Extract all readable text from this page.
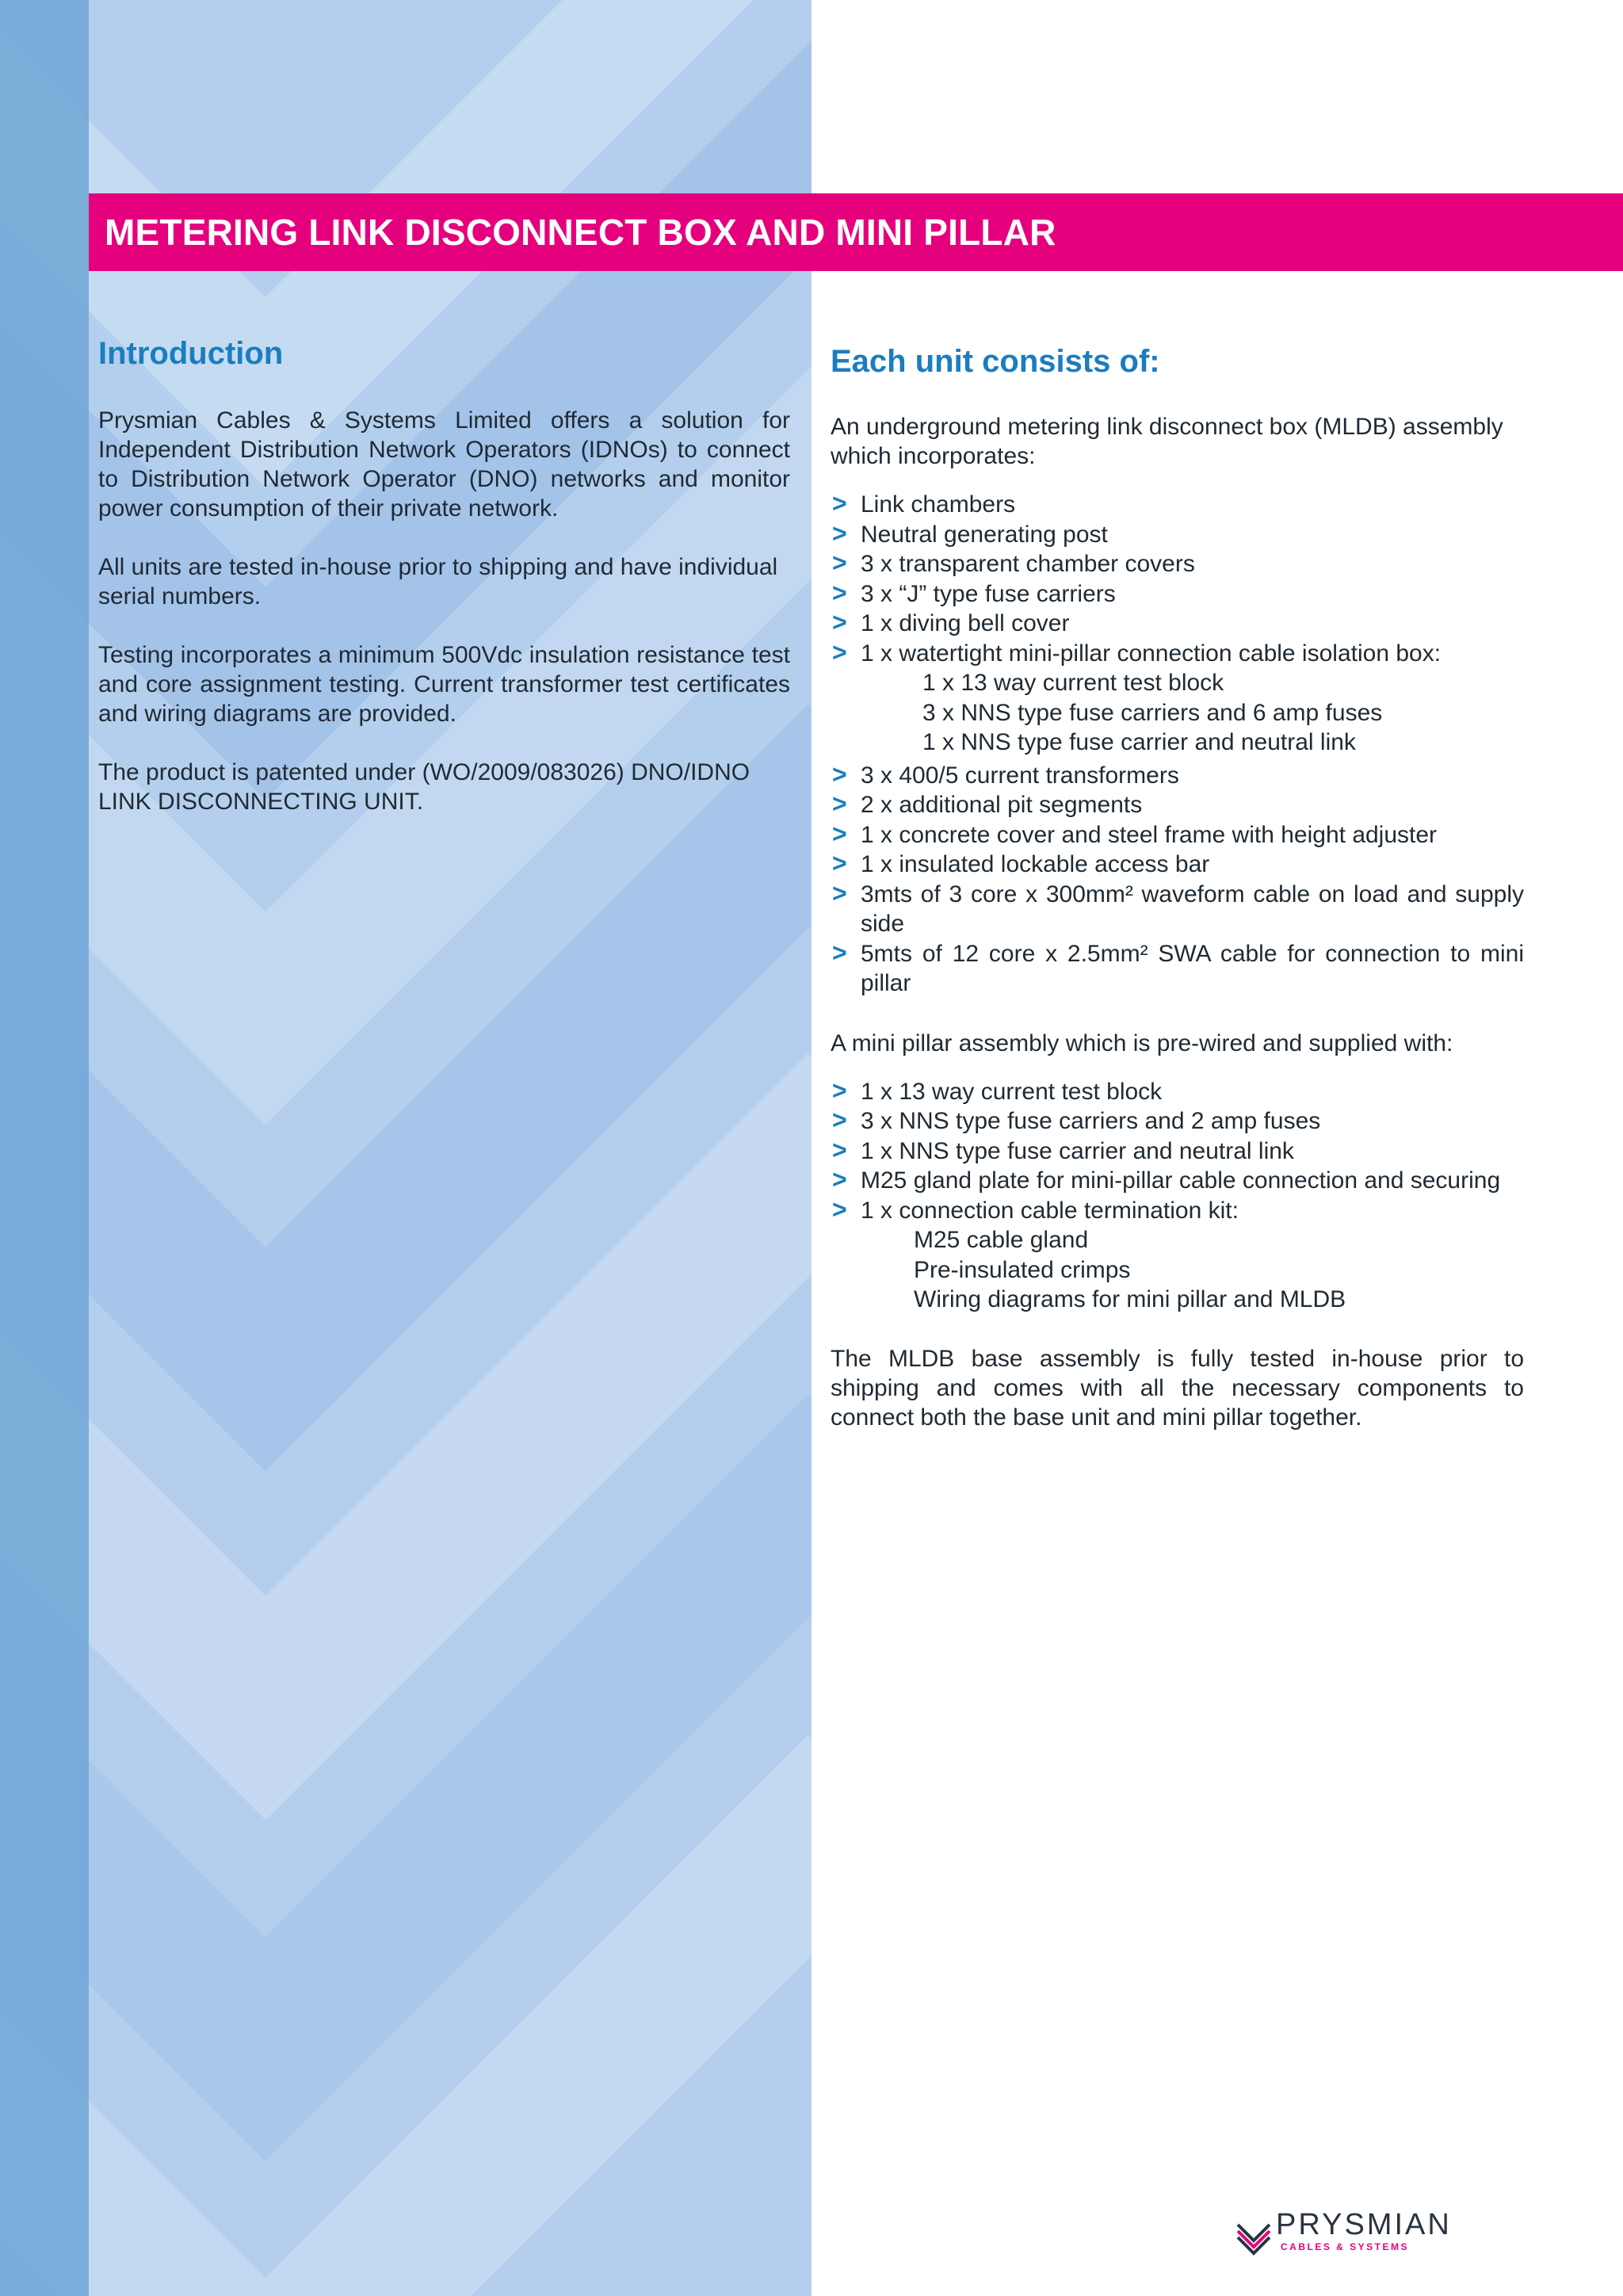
METERING LINK DISCONNECT BOX AND MINI PILLAR
Introduction

Prysmian Cables & Systems Limited offers a solution for Independent Distribution Network Operators (IDNOs) to connect to Distribution Network Operator (DNO) networks and monitor power consumption of their private network.

All units are tested in-house prior to shipping and have individual serial numbers.

Testing incorporates a minimum 500Vdc insulation resistance test and core assignment testing. Current transformer test certificates and wiring diagrams are provided.

The product is patented under (WO/2009/083026) DNO/IDNO LINK DISCONNECTING UNIT.

Each unit consists of:

An underground metering link disconnect box (MLDB) assembly which incorporates:

> Link chambers
> Neutral generating post
> 3 x transparent chamber covers
> 3 x “J” type fuse carriers
> 1 x diving bell cover
> 1 x watertight mini-pillar connection cable isolation box:
1 x 13 way current test block
3 x NNS type fuse carriers and 6 amp fuses
1 x NNS type fuse carrier and neutral link
> 3 x 400/5 current transformers
> 2 x additional pit segments
> 1 x concrete cover and steel frame with height adjuster
> 1 x insulated lockable access bar
> 3mts of 3 core x 300mm² waveform cable on load and supply side
> 5mts of 12 core x 2.5mm² SWA cable for connection to mini pillar

A mini pillar assembly which is pre-wired and supplied with:

> 1 x 13 way current test block
> 3 x NNS type fuse carriers and 2 amp fuses
> 1 x NNS type fuse carrier and neutral link
> M25 gland plate for mini-pillar cable connection and securing
> 1 x connection cable termination kit:
M25 cable gland
Pre-insulated crimps
Wiring diagrams for mini pillar and MLDB

The MLDB base assembly is fully tested in-house prior to shipping and comes with all the necessary components to connect both the base unit and mini pillar together.

PRYSMIAN
CABLES & SYSTEMS
